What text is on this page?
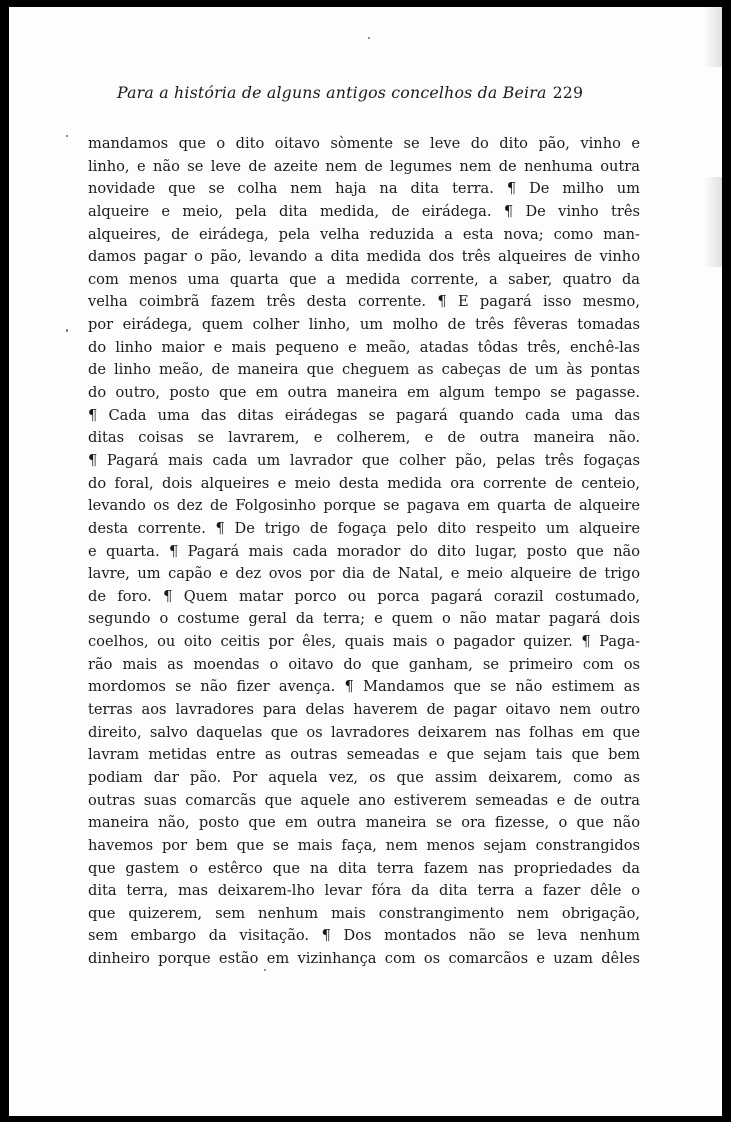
Para a história de alguns antigos concelhos da Beira 229
mandamos que o dito oitavo sòmente se leve do dito pão, vinho e
linho, e não se leve de azeite nem de legumes nem de nenhuma outra
novidade que se colha nem haja na dita terra. ¶ De milho um
alqueire e meio, pela dita medida, de eirádega. ¶ De vinho três
alqueires, de eirádega, pela velha reduzida a esta nova; como man-
damos pagar o pão, levando a dita medida dos três alqueires de vinho
com menos uma quarta que a medida corrente, a saber, quatro da
velha coimbrã fazem três desta corrente. ¶ E pagará isso mesmo,
por eirádega, quem colher linho, um molho de três fêveras tomadas
do linho maior e mais pequeno e meão, atadas tôdas três, enchê-las
de linho meão, de maneira que cheguem as cabeças de um às pontas
do outro, posto que em outra maneira em algum tempo se pagasse.
¶ Cada uma das ditas eirádegas se pagará quando cada uma das
ditas coisas se lavrarem, e colherem, e de outra maneira não.
¶ Pagará mais cada um lavrador que colher pão, pelas três fogaças
do foral, dois alqueires e meio desta medida ora corrente de centeio,
levando os dez de Folgosinho porque se pagava em quarta de alqueire
desta corrente. ¶ De trigo de fogaça pelo dito respeito um alqueire
e quarta. ¶ Pagará mais cada morador do dito lugar, posto que não
lavre, um capão e dez ovos por dia de Natal, e meio alqueire de trigo
de foro. ¶ Quem matar porco ou porca pagará corazil costumado,
segundo o costume geral da terra; e quem o não matar pagará dois
coelhos, ou oito ceitis por êles, quais mais o pagador quizer. ¶ Paga-
rão mais as moendas o oitavo do que ganham, se primeiro com os
mordomos se não fizer avença. ¶ Mandamos que se não estimem as
terras aos lavradores para delas haverem de pagar oitavo nem outro
direito, salvo daquelas que os lavradores deixarem nas folhas em que
lavram metidas entre as outras semeadas e que sejam tais que bem
podiam dar pão. Por aquela vez, os que assim deixarem, como as
outras suas comarcãs que aquele ano estiverem semeadas e de outra
maneira não, posto que em outra maneira se ora fizesse, o que não
havemos por bem que se mais faça, nem menos sejam constrangidos
que gastem o estêrco que na dita terra fazem nas propriedades da
dita terra, mas deixarem-lho levar fóra da dita terra a fazer dêle o
que quizerem, sem nenhum mais constrangimento nem obrigação,
sem embargo da visitação. ¶ Dos montados não se leva nenhum
dinheiro porque estão em vizinhança com os comarcãos e uzam dêles
